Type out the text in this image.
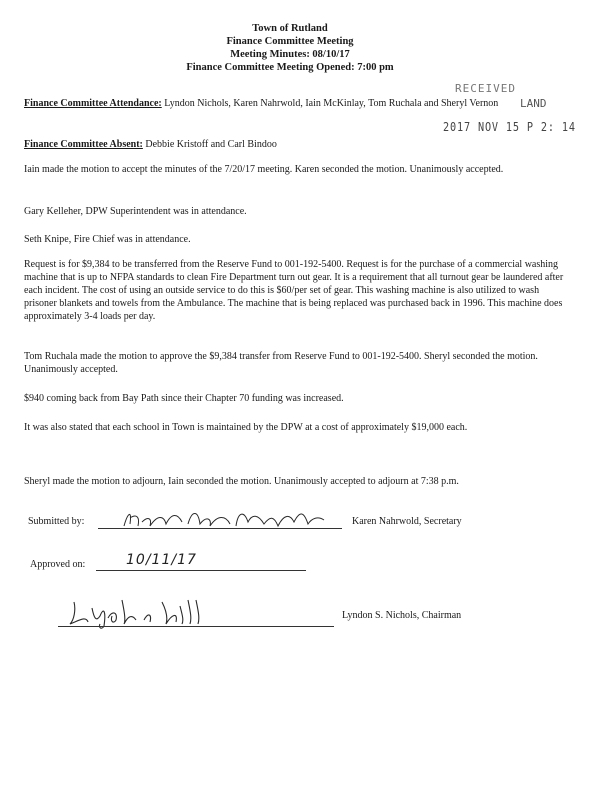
Town of Rutland
Finance Committee Meeting
Meeting Minutes: 08/10/17
Finance Committee Meeting Opened: 7:00 pm
RECEIVED
LAND
2017 NOV 15 P 2: 14
Finance Committee Attendance: Lyndon Nichols, Karen Nahrwold, Iain McKinlay, Tom Ruchala and Sheryl Vernon
Finance Committee Absent: Debbie Kristoff and Carl Bindoo
Iain made the motion to accept the minutes of the 7/20/17 meeting. Karen seconded the motion. Unanimously accepted.
Gary Kelleher, DPW Superintendent was in attendance.
Seth Knipe, Fire Chief was in attendance.
Request is for $9,384 to be transferred from the Reserve Fund to 001-192-5400. Request is for the purchase of a commercial washing machine that is up to NFPA standards to clean Fire Department turn out gear. It is a requirement that all turnout gear be laundered after each incident. The cost of using an outside service to do this is $60/per set of gear. This washing machine is also utilized to wash prisoner blankets and towels from the Ambulance. The machine that is being replaced was purchased back in 1996. This machine does approximately 3-4 loads per day.
Tom Ruchala made the motion to approve the $9,384 transfer from Reserve Fund to 001-192-5400. Sheryl seconded the motion. Unanimously accepted.
$940 coming back from Bay Path since their Chapter 70 funding was increased.
It was also stated that each school in Town is maintained by the DPW at a cost of approximately $19,000 each.
Sheryl made the motion to adjourn, Iain seconded the motion. Unanimously accepted to adjourn at 7:38 p.m.
Submitted by:	Karen Nahrwold, Secretary
Approved on:	10/11/17
Lyndon S. Nichols, Chairman
